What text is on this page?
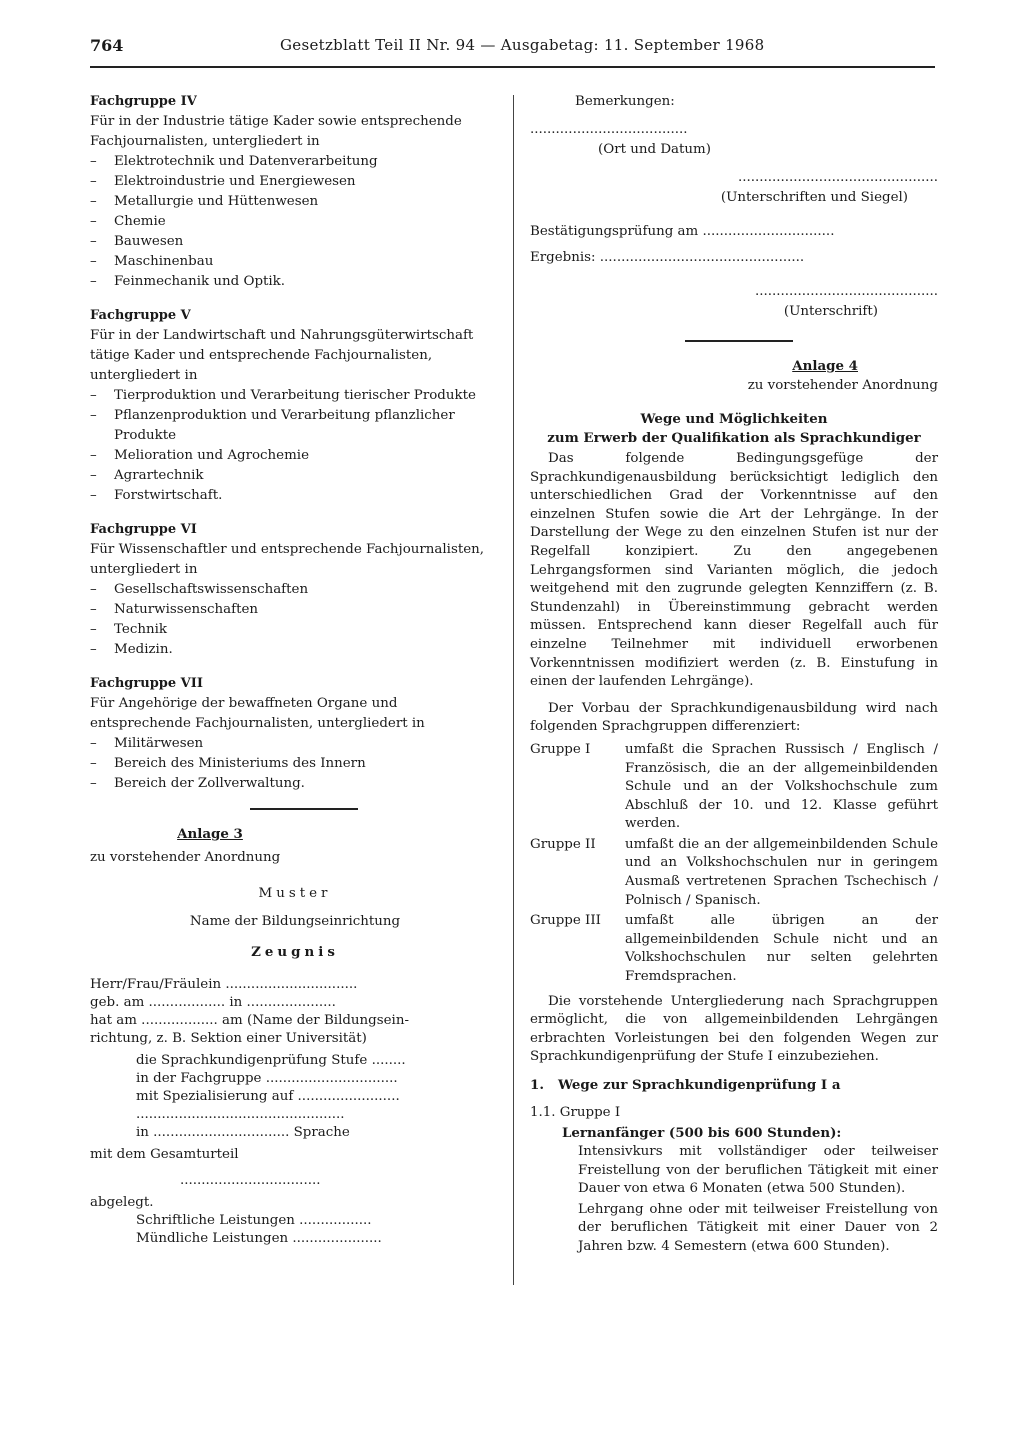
764	Gesetzblatt Teil II Nr. 94 — Ausgabetag: 11. September 1968
Fachgruppe IV
Für in der Industrie tätige Kader sowie entsprechende Fachjournalisten, untergliedert in
– Elektrotechnik und Datenverarbeitung
– Elektroindustrie und Energiewesen
– Metallurgie und Hüttenwesen
– Chemie
– Bauwesen
– Maschinenbau
– Feinmechanik und Optik.
Fachgruppe V
Für in der Landwirtschaft und Nahrungsgüterwirtschaft tätige Kader und entsprechende Fachjournalisten, untergliedert in
– Tierproduktion und Verarbeitung tierischer Produkte
– Pflanzenproduktion und Verarbeitung pflanzlicher Produkte
– Melioration und Agrochemie
– Agrartechnik
– Forstwirtschaft.
Fachgruppe VI
Für Wissenschaftler und entsprechende Fachjournalisten, untergliedert in
– Gesellschaftswissenschaften
– Naturwissenschaften
– Technik
– Medizin.
Fachgruppe VII
Für Angehörige der bewaffneten Organe und entsprechende Fachjournalisten, untergliedert in
– Militärwesen
– Bereich des Ministeriums des Innern
– Bereich der Zollverwaltung.
Anlage 3
zu vorstehender Anordnung
Muster
Name der Bildungseinrichtung
Zeugnis
Herr/Frau/Fräulein ...............................
geb. am .................. in .....................
hat am .................. am (Name der Bildungsein-
richtung, z. B. Sektion einer Universität)
die Sprachkundigenprüfung Stufe ........
in der Fachgruppe ...............................
mit Spezialisierung auf ........................
.................................................
in ................................ Sprache
mit dem Gesamturteil
.................................
abgelegt.
Schriftliche Leistungen .................
Mündliche Leistungen .....................
Bemerkungen:
.....................................
(Ort und Datum)
...............................................
(Unterschriften und Siegel)
Bestätigungsprüfung am ...............................
Ergebnis: ................................................
...........................................
(Unterschrift)
Anlage 4
zu vorstehender Anordnung
Wege und Möglichkeiten
zum Erwerb der Qualifikation als Sprachkundiger
Das folgende Bedingungsgefüge der Sprachkundigenausbildung berücksichtigt lediglich den unterschiedlichen Grad der Vorkenntnisse auf den einzelnen Stufen sowie die Art der Lehrgänge. In der Darstellung der Wege zu den einzelnen Stufen ist nur der Regelfall konzipiert. Zu den angegebenen Lehrgangsformen sind Varianten möglich, die jedoch weitgehend mit den zugrunde gelegten Kennziffern (z. B. Stundenzahl) in Übereinstimmung gebracht werden müssen. Entsprechend kann dieser Regelfall auch für einzelne Teilnehmer mit individuell erworbenen Vorkenntnissen modifiziert werden (z. B. Einstufung in einen der laufenden Lehrgänge).
Der Vorbau der Sprachkundigenausbildung wird nach folgenden Sprachgruppen differenziert:
Gruppe I	umfaßt die Sprachen Russisch / Englisch / Französisch, die an der allgemeinbildenden Schule und an der Volkshochschule zum Abschluß der 10. und 12. Klasse geführt werden.
Gruppe II	umfaßt die an der allgemeinbildenden Schule und an Volkshochschulen nur in geringem Ausmaß vertretenen Sprachen Tschechisch / Polnisch / Spanisch.
Gruppe III	umfaßt alle übrigen an der allgemeinbildenden Schule nicht und an Volkshochschulen nur selten gelehrten Fremdsprachen.
Die vorstehende Untergliederung nach Sprachgruppen ermöglicht, die von allgemeinbildenden Lehrgängen erbrachten Vorleistungen bei den folgenden Wegen zur Sprachkundigenprüfung der Stufe I einzubeziehen.
1.   Wege zur Sprachkundigenprüfung I a
1.1. Gruppe I
Lernanfänger (500 bis 600 Stunden):
Intensivkurs mit vollständiger oder teilweiser Freistellung von der beruflichen Tätigkeit mit einer Dauer von etwa 6 Monaten (etwa 500 Stunden).
Lehrgang ohne oder mit teilweiser Freistellung von der beruflichen Tätigkeit mit einer Dauer von 2 Jahren bzw. 4 Semestern (etwa 600 Stunden).
